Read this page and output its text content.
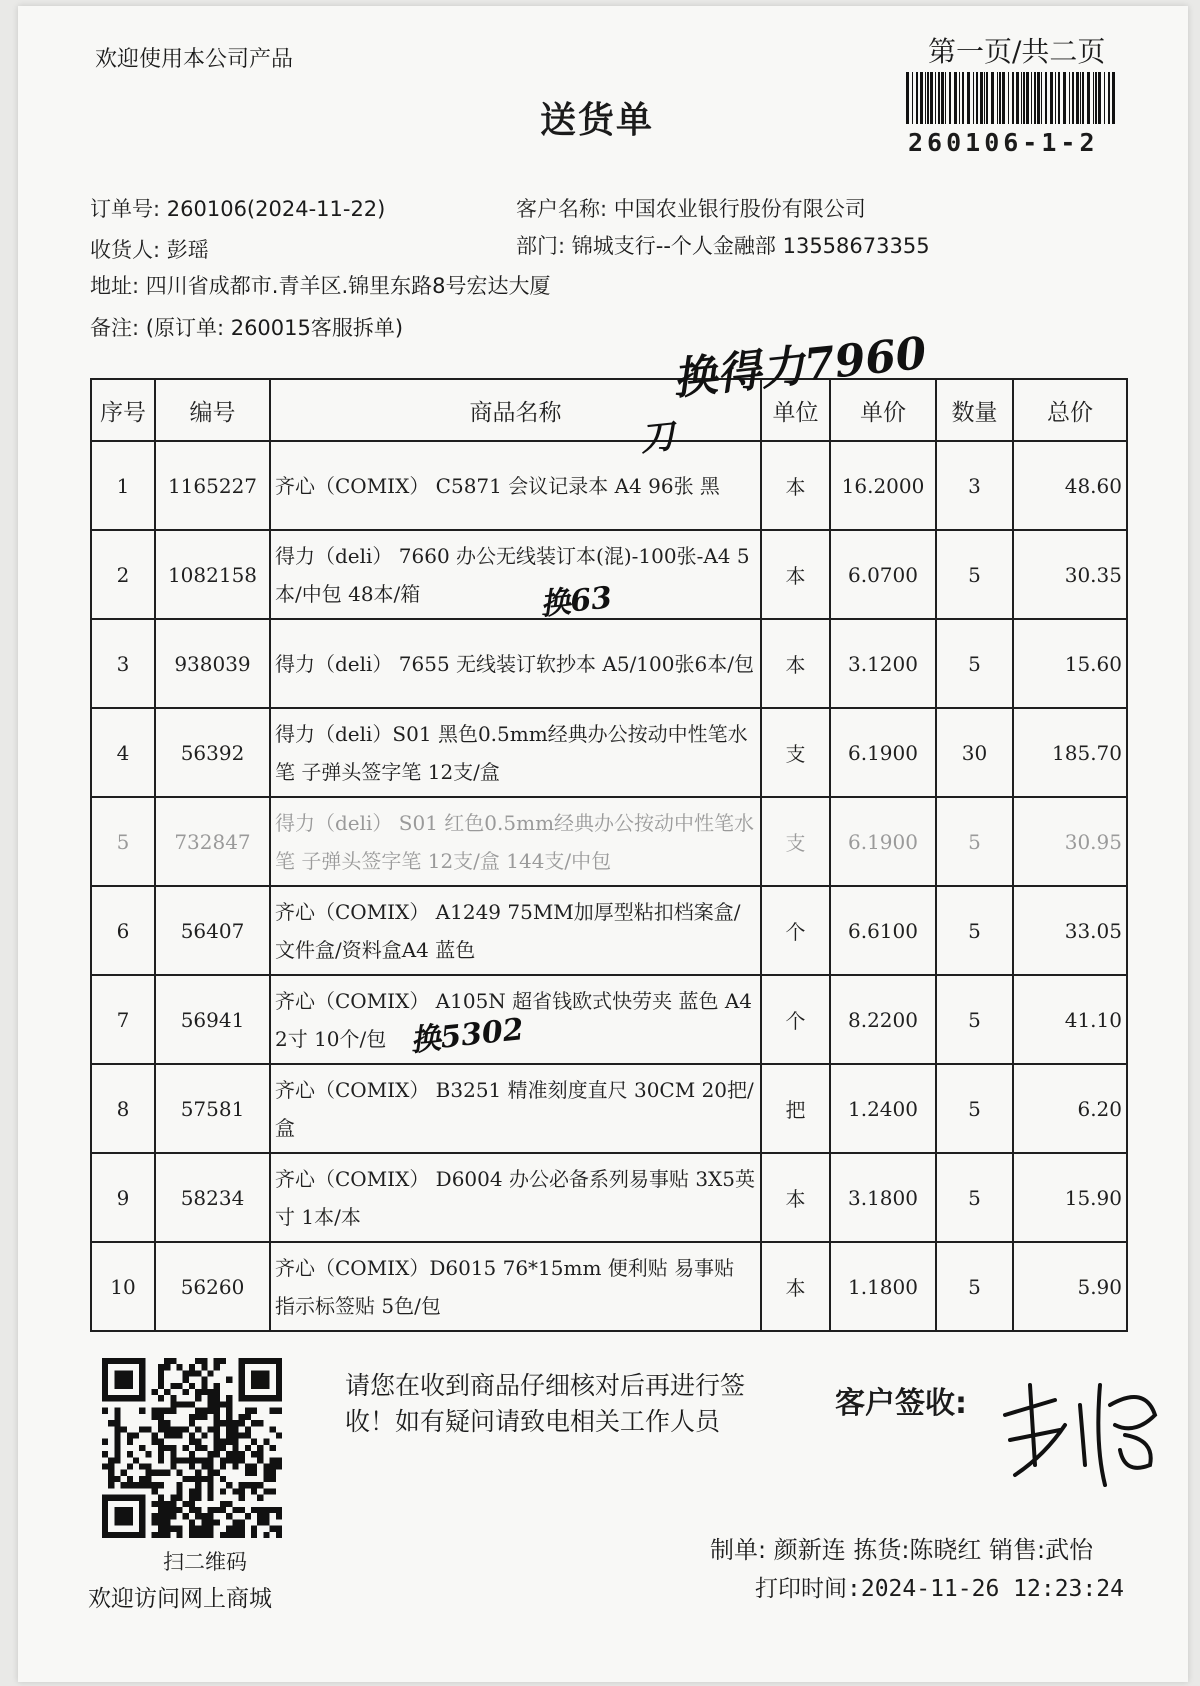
欢迎使用本公司产品
送货单
第一页/共二页
260106-1-2
订单号: 260106(2024-11-22)	客户名称: 中国农业银行股份有限公司
收货人: 彭瑶	部门: 锦城支行--个人金融部 13558673355
地址: 四川省成都市.青羊区.锦里东路8号宏达大厦
备注: (原订单: 260015客服拆单)
序号	编号	商品名称	单位	单价	数量	总价
1	1165227	齐心（COMIX） C5871 会议记录本 A4 96张 黑	本	16.2000	3	48.60
2	1082158	得力（deli） 7660 办公无线装订本(混)-100张-A4 5本/中包 48本/箱	本	6.0700	5	30.35
3	938039	得力（deli） 7655 无线装订软抄本 A5/100张6本/包	本	3.1200	5	15.60
4	56392	得力（deli）S01 黑色0.5mm经典办公按动中性笔水笔 子弹头签字笔 12支/盒	支	6.1900	30	185.70
5	732847	得力（deli） S01 红色0.5mm经典办公按动中性笔水笔 子弹头签字笔 12支/盒 144支/中包	支	6.1900	5	30.95
6	56407	齐心（COMIX） A1249 75MM加厚型粘扣档案盒/文件盒/资料盒A4 蓝色	个	6.6100	5	33.05
7	56941	齐心（COMIX） A105N 超省钱欧式快劳夹 蓝色 A4 2寸 10个/包	个	8.2200	5	41.10
8	57581	齐心（COMIX） B3251 精准刻度直尺 30CM 20把/盒	把	1.2400	5	6.20
9	58234	齐心（COMIX） D6004 办公必备系列易事贴 3X5英寸 1本/本	本	3.1800	5	15.90
10	56260	齐心（COMIX）D6015 76*15mm 便利贴 易事贴 指示标签贴 5色/包	本	1.1800	5	5.90
换得力7960
刀
换63
换5302
扫二维码
欢迎访问网上商城
请您在收到商品仔细核对后再进行签收！如有疑问请致电相关工作人员
客户签收:
制单: 颜新连 拣货:陈晓红 销售:武怡
打印时间:2024-11-26 12:23:24
